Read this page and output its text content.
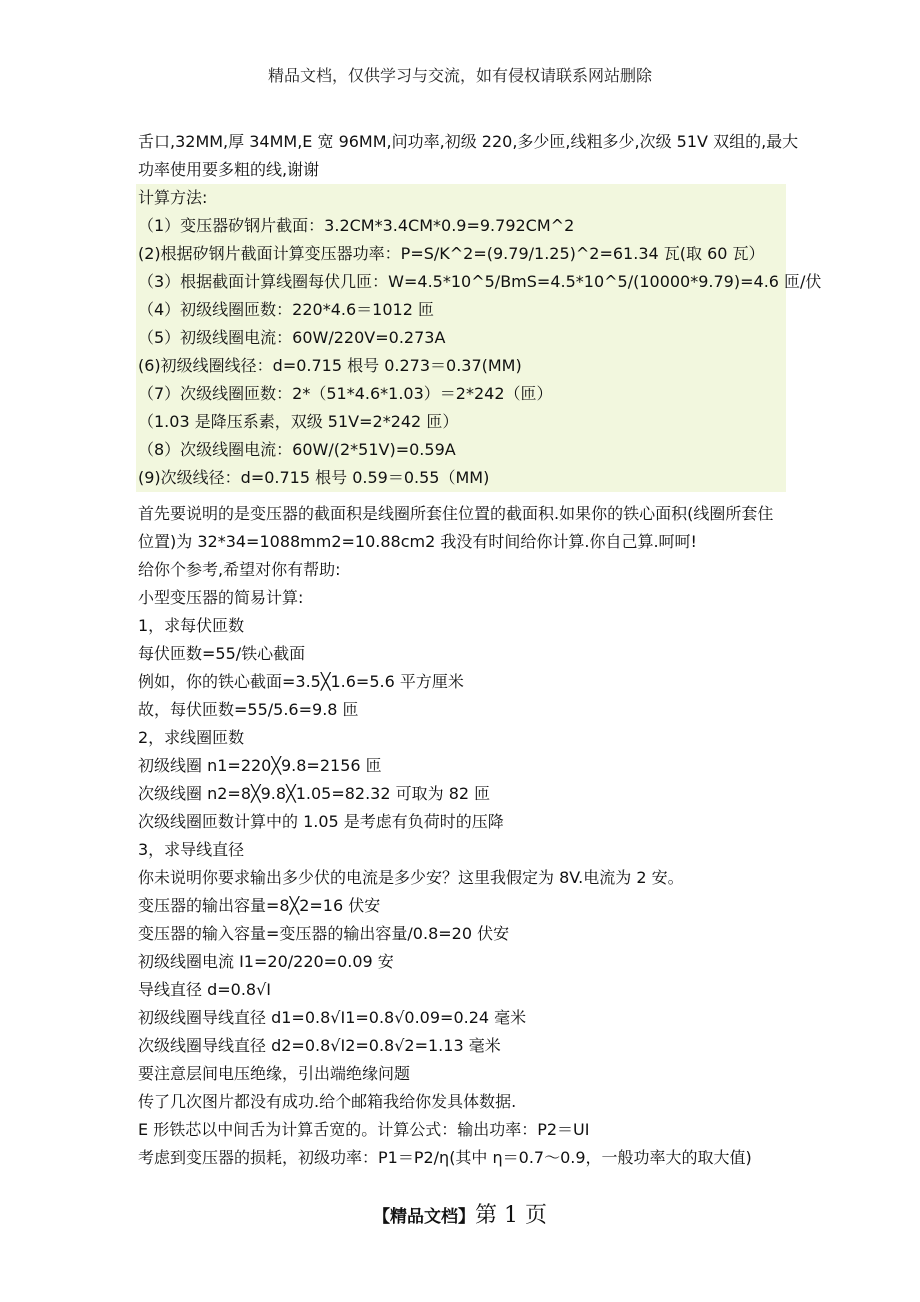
精品文档，仅供学习与交流，如有侵权请联系网站删除
舌口,32MM,厚 34MM,E 宽 96MM,问功率,初级 220,多少匝,线粗多少,次级 51V 双组的,最大
功率使用要多粗的线,谢谢
计算方法:
（1）变压器矽钢片截面：3.2CM*3.4CM*0.9=9.792CM^2
(2)根据矽钢片截面计算变压器功率：P=S/K^2=(9.79/1.25)^2=61.34 瓦(取 60 瓦）
（3）根据截面计算线圈每伏几匝：W=4.5*10^5/BmS=4.5*10^5/(10000*9.79)=4.6 匝/伏
（4）初级线圈匝数：220*4.6＝1012 匝
（5）初级线圈电流：60W/220V=0.273A
(6)初级线圈线径：d=0.715 根号 0.273＝0.37(MM)
（7）次级线圈匝数：2*（51*4.6*1.03）＝2*242（匝）
（1.03 是降压系素，双级 51V=2*242 匝）
（8）次级线圈电流：60W/(2*51V)=0.59A
(9)次级线径：d=0.715 根号 0.59＝0.55（MM)
首先要说明的是变压器的截面积是线圈所套住位置的截面积.如果你的铁心面积(线圈所套住
位置)为 32*34=1088mm2=10.88cm2 我没有时间给你计算.你自己算.呵呵!
给你个参考,希望对你有帮助:
小型变压器的简易计算:
1，求每伏匝数
每伏匝数=55/铁心截面
例如，你的铁心截面=3.5╳1.6=5.6 平方厘米
故，每伏匝数=55/5.6=9.8 匝
2，求线圈匝数
初级线圈 n1=220╳9.8=2156 匝
次级线圈 n2=8╳9.8╳1.05=82.32 可取为 82 匝
次级线圈匝数计算中的 1.05 是考虑有负荷时的压降
3，求导线直径
你未说明你要求输出多少伏的电流是多少安？这里我假定为 8V.电流为 2 安。
变压器的输出容量=8╳2=16 伏安
变压器的输入容量=变压器的输出容量/0.8=20 伏安
初级线圈电流 I1=20/220=0.09 安
导线直径 d=0.8√I
初级线圈导线直径 d1=0.8√I1=0.8√0.09=0.24 毫米
次级线圈导线直径 d2=0.8√I2=0.8√2=1.13 毫米
要注意层间电压绝缘，引出端绝缘问题
传了几次图片都没有成功.给个邮箱我给你发具体数据.
E 形铁芯以中间舌为计算舌宽的。计算公式：输出功率：P2＝UI
考虑到变压器的损耗，初级功率：P1＝P2/η(其中 η＝0.7～0.9，一般功率大的取大值)
【精品文档】第 1 页
